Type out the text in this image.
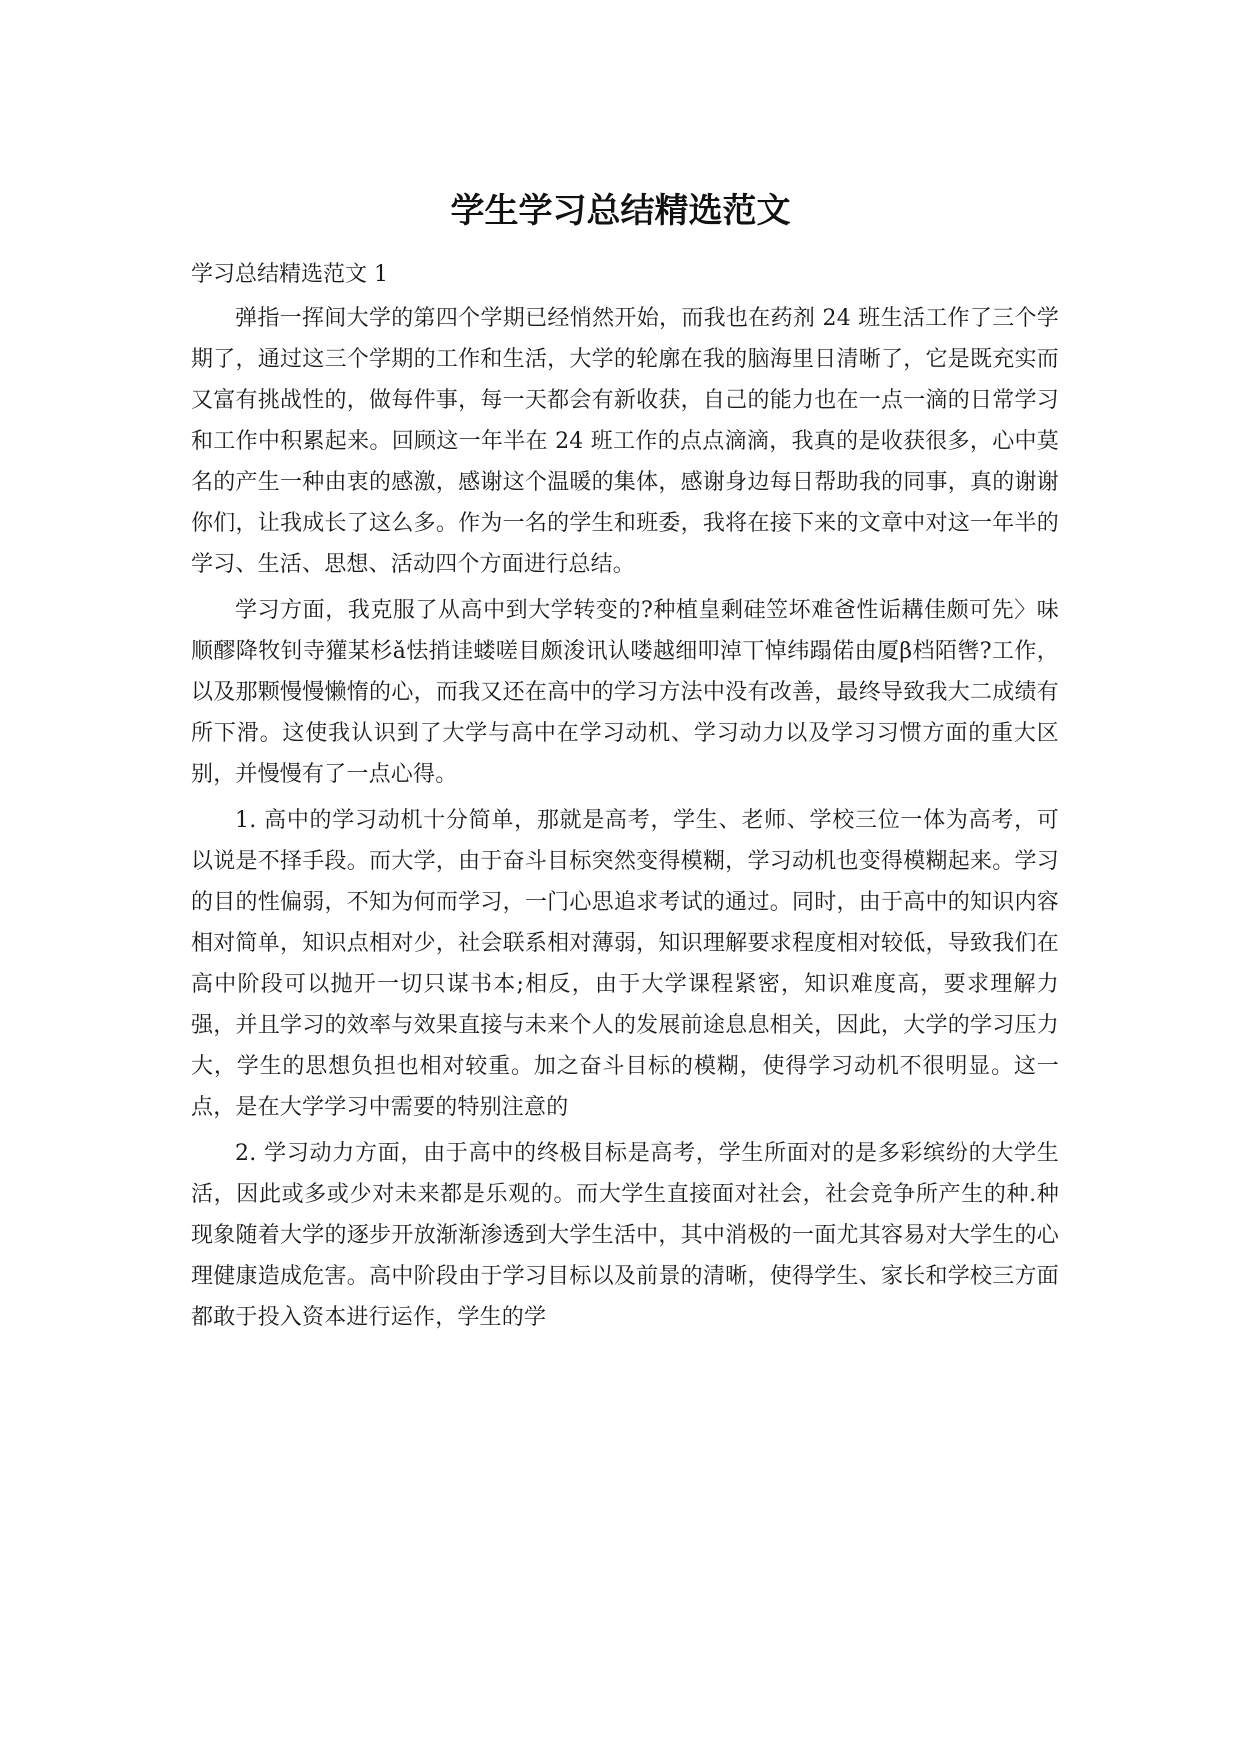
学生学习总结精选范文

学习总结精选范文 1

弹指一挥间大学的第四个学期已经悄然开始，而我也在药剂 24 班生活工作了三个学期了，通过这三个学期的工作和生活，大学的轮廓在我的脑海里日清晰了，它是既充实而又富有挑战性的，做每件事，每一天都会有新收获，自己的能力也在一点一滴的日常学习和工作中积累起来。回顾这一年半在 24 班工作的点点滴滴，我真的是收获很多，心中莫名的产生一种由衷的感激，感谢这个温暖的集体，感谢身边每日帮助我的同事，真的谢谢你们，让我成长了这么多。作为一名的学生和班委，我将在接下来的文章中对这一年半的学习、生活、思想、活动四个方面进行总结。

学习方面，我克服了从高中到大学转变的?种植皇剩硅笠坏难爸性诟耩佳颇可先〉味顺醪降牧钊寺獾某杉ǎ怯捎诖蝼嗟目颇浚讯认喽越细叩淖丅悼纬蹋偌由厦β档陌辔?工作，以及那颗慢慢懒惰的心，而我又还在高中的学习方法中没有改善，最终导致我大二成绩有所下滑。这使我认识到了大学与高中在学习动机、学习动力以及学习习惯方面的重大区别，并慢慢有了一点心得。

1. 高中的学习动机十分简单，那就是高考，学生、老师、学校三位一体为高考，可以说是不择手段。而大学，由于奋斗目标突然变得模糊，学习动机也变得模糊起来。学习的目的性偏弱，不知为何而学习，一门心思追求考试的通过。同时，由于高中的知识内容相对简单，知识点相对少，社会联系相对薄弱，知识理解要求程度相对较低，导致我们在高中阶段可以抛开一切只谋书本;相反，由于大学课程紧密，知识难度高，要求理解力强，并且学习的效率与效果直接与未来个人的发展前途息息相关，因此，大学的学习压力大，学生的思想负担也相对较重。加之奋斗目标的模糊，使得学习动机不很明显。这一点，是在大学学习中需要的特别注意的

2. 学习动力方面，由于高中的终极目标是高考，学生所面对的是多彩缤纷的大学生活，因此或多或少对未来都是乐观的。而大学生直接面对社会，社会竞争所产生的种.种现象随着大学的逐步开放渐渐渗透到大学生活中，其中消极的一面尤其容易对大学生的心理健康造成危害。高中阶段由于学习目标以及前景的清晰，使得学生、家长和学校三方面都敢于投入资本进行运作，学生的学
